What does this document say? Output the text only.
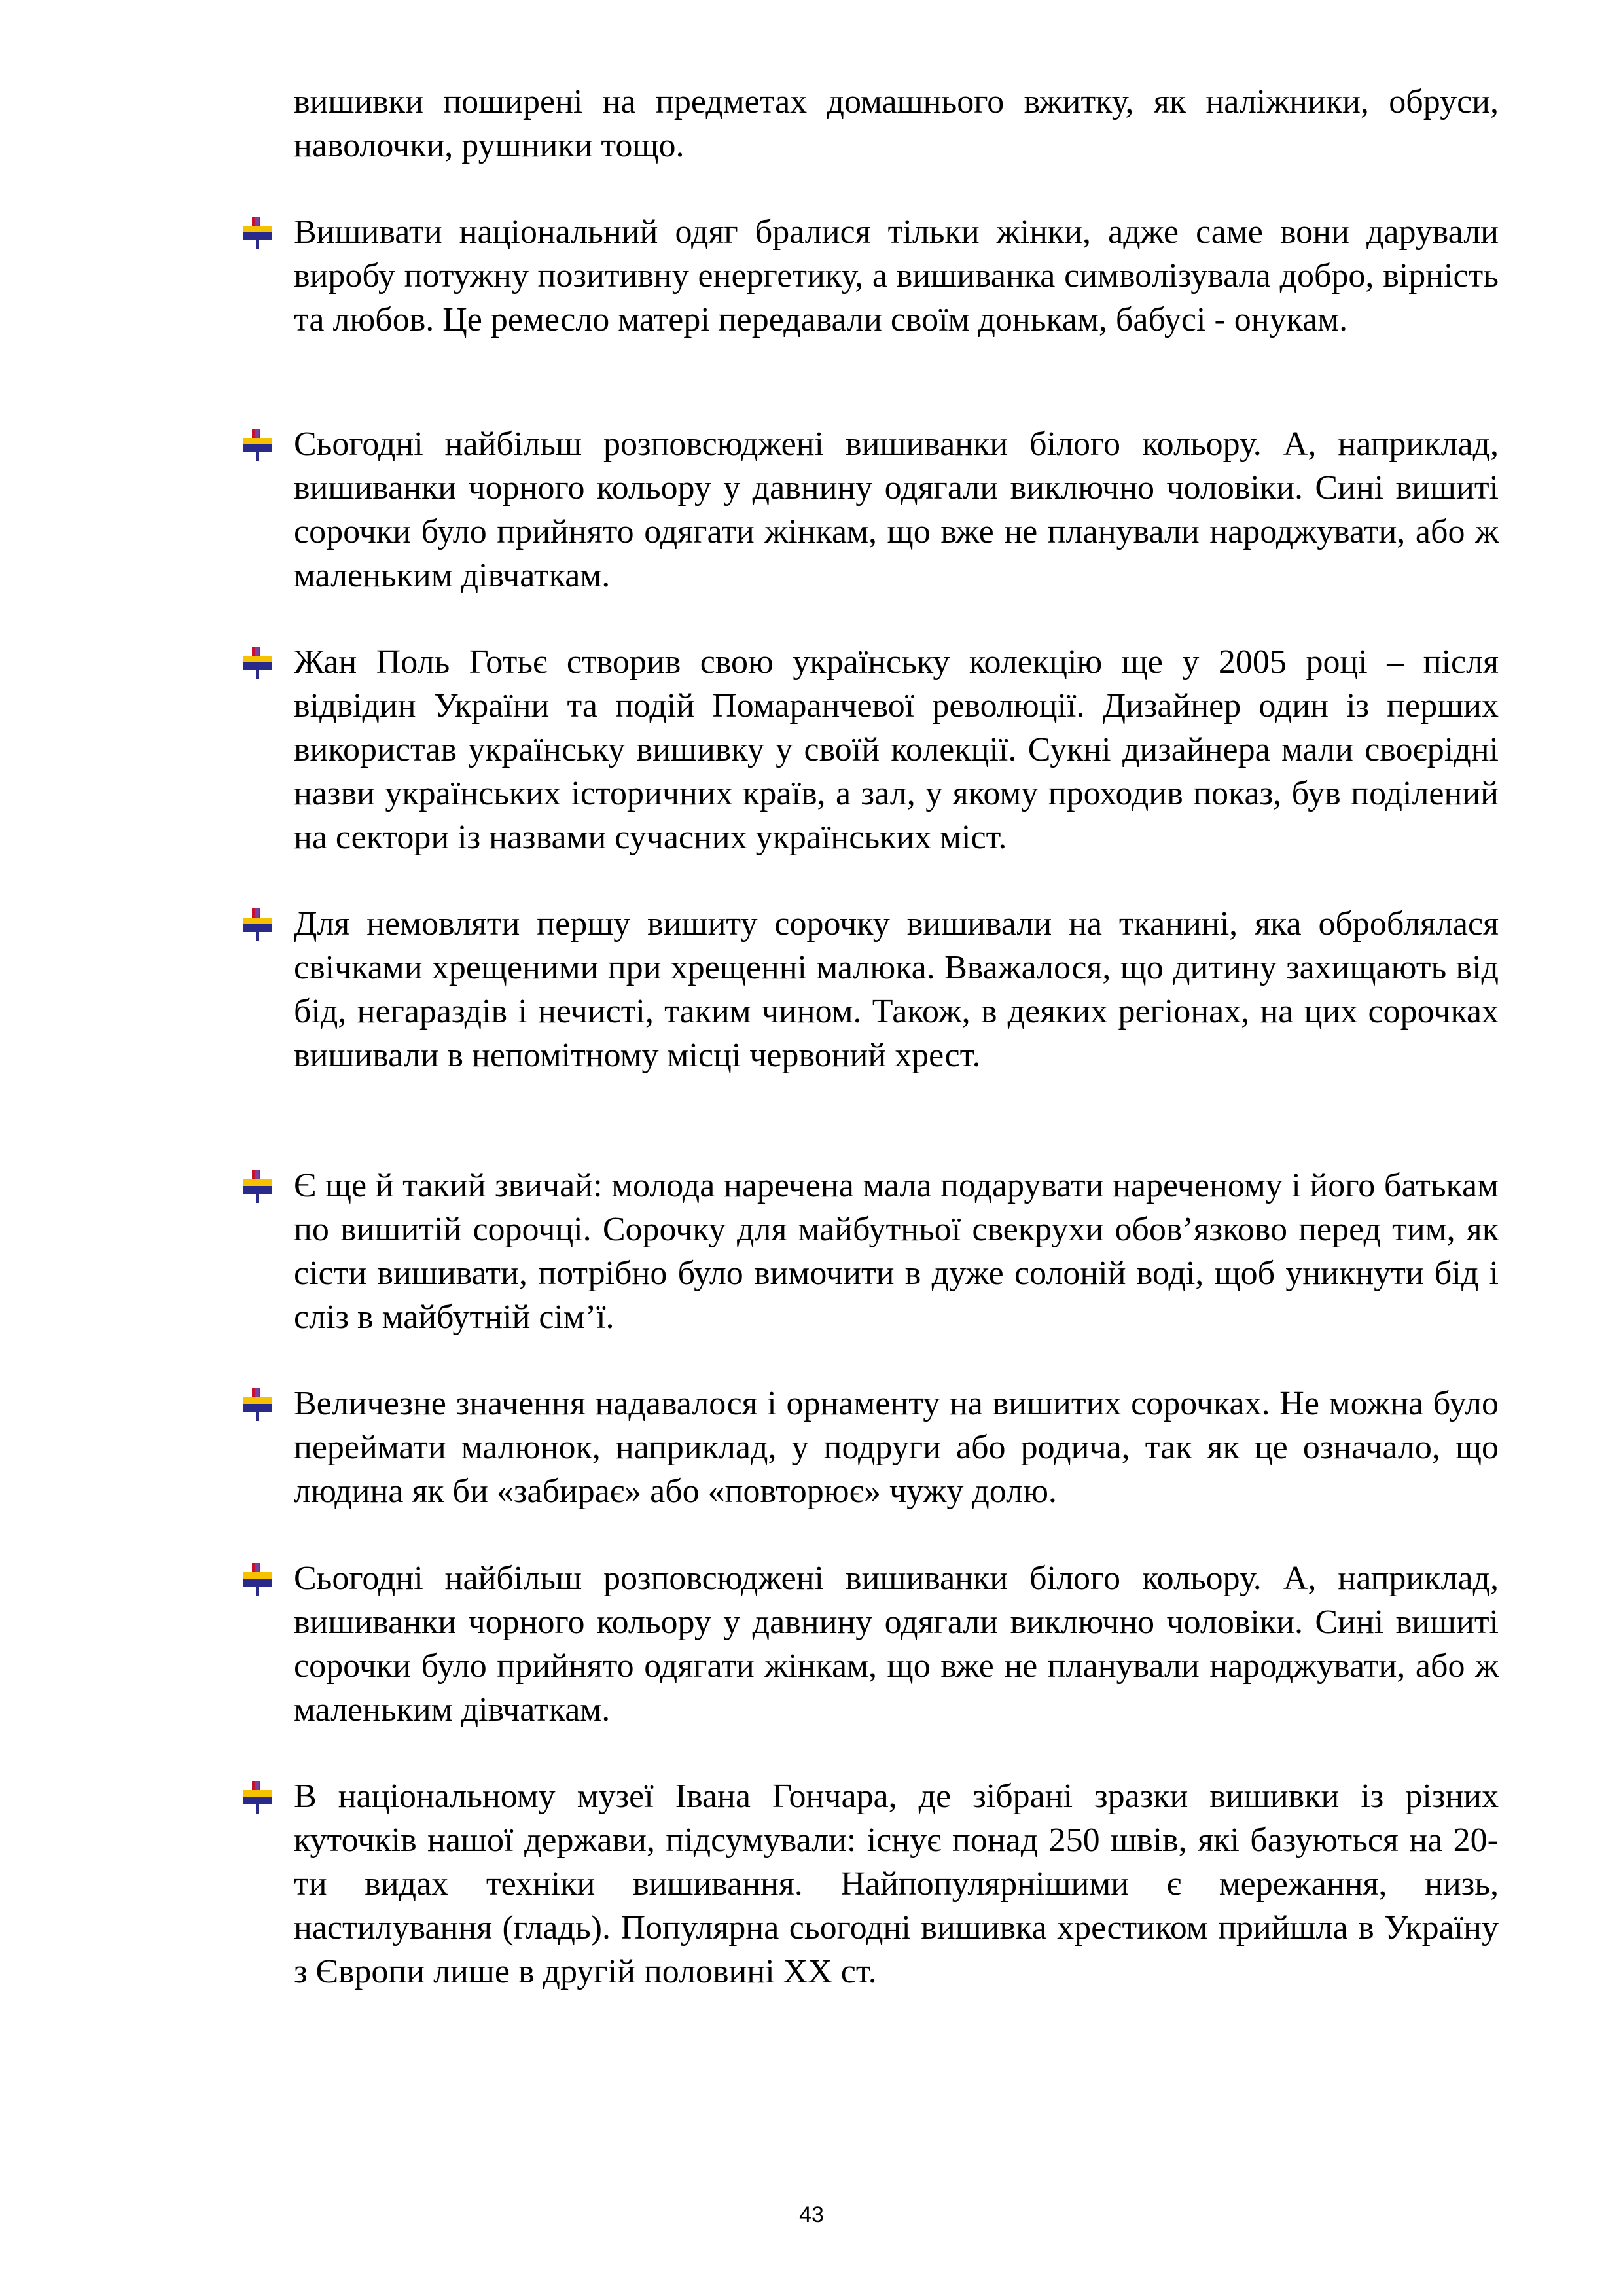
вишивки поширені на предметах домашнього вжитку, як наліжники, обруси, наволочки, рушники тощо.

Вишивати національний одяг бралися тільки жінки, адже саме вони дарували виробу потужну позитивну енергетику, а вишиванка символізувала добро, вірність та любов. Це ремесло матері передавали своїм донькам, бабусі - онукам.

Сьогодні найбільш розповсюджені вишиванки білого кольору. А, наприклад, вишиванки чорного кольору у давнину одягали виключно чоловіки. Сині вишиті сорочки було прийнято одягати жінкам, що вже не планували народжувати, або ж маленьким дівчаткам.

Жан Поль Готьє створив свою українську колекцію ще у 2005 році – після відвідин України та подій Помаранчевої революції. Дизайнер один із перших використав українську вишивку у своїй колекції. Сукні дизайнера мали своєрідні назви українських історичних країв, а зал, у якому проходив показ, був поділений на сектори із назвами сучасних українських міст.

Для немовляти першу вишиту сорочку вишивали на тканині, яка оброблялася свічками хрещеними при хрещенні малюка. Вважалося, що дитину захищають від бід, негараздів і нечисті, таким чином. Також, в деяких регіонах, на цих сорочках вишивали в непомітному місці червоний хрест.

Є ще й такий звичай: молода наречена мала подарувати нареченому і його батькам по вишитій сорочці. Сорочку для майбутньої свекрухи обов’язково перед тим, як сісти вишивати, потрібно було вимочити в дуже солоній воді, щоб уникнути бід і сліз в майбутній сім’ї.

Величезне значення надавалося і орнаменту на вишитих сорочках. Не можна було переймати малюнок, наприклад, у подруги або родича, так як це означало, що людина як би «забирає» або «повторює» чужу долю.

Сьогодні найбільш розповсюджені вишиванки білого кольору. А, наприклад, вишиванки чорного кольору у давнину одягали виключно чоловіки. Сині вишиті сорочки було прийнято одягати жінкам, що вже не планували народжувати, або ж маленьким дівчаткам.

В національному музеї Івана Гончара, де зібрані зразки вишивки із різних куточків нашої держави, підсумували: існує понад 250 швів, які базуються на 20-ти видах техніки вишивання. Найпопулярнішими є мережання, низь, настилування (гладь). Популярна сьогодні вишивка хрестиком прийшла в Україну з Європи лише в другій половині ХХ ст.

43
